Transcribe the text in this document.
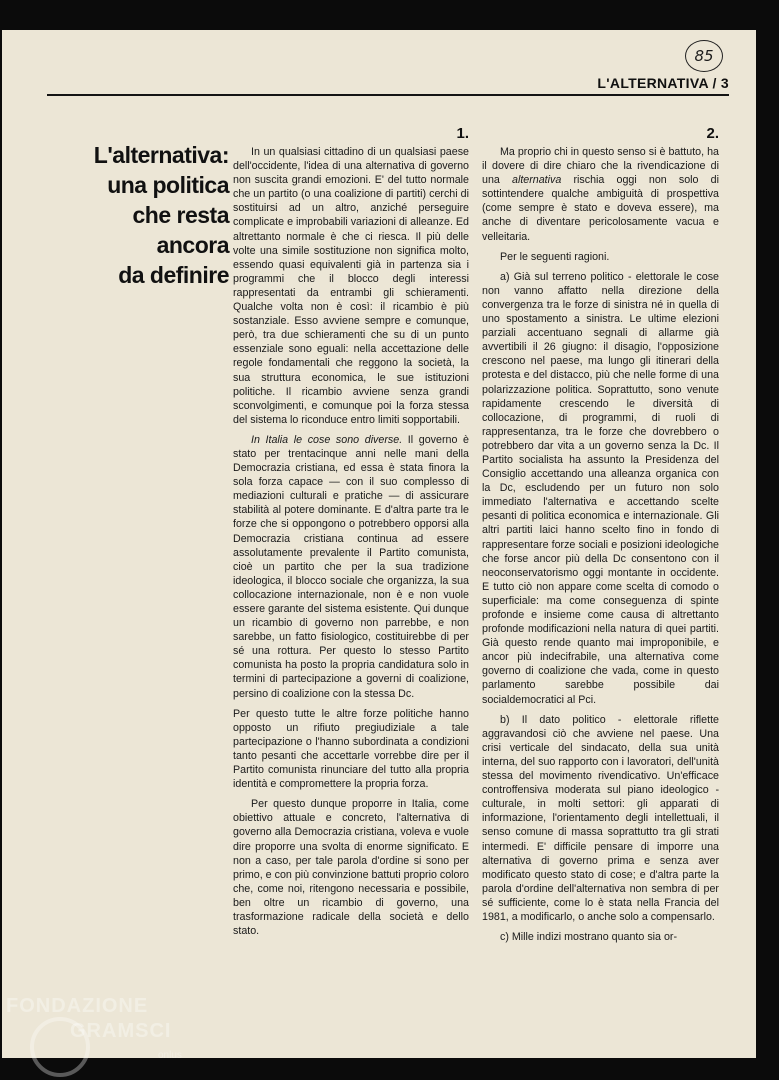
85
L'ALTERNATIVA / 3
L'alternativa:
una politica
che resta
ancora
da definire
1.

In un qualsiasi cittadino di un qualsiasi paese dell'occidente, l'idea di una alternativa di governo non suscita grandi emozioni. E' del tutto normale che un partito (o una coalizione di partiti) cerchi di sostituirsi ad un altro, anziché perseguire complicate e improbabili variazioni di alleanze. Ed altrettanto normale è che ci riesca. Il più delle volte una simile sostituzione non significa molto, essendo quasi equivalenti già in partenza sia i programmi che il blocco degli interessi rappresentati da entrambi gli schieramenti. Qualche volta non è così: il ricambio è più sostanziale. Esso avviene sempre e comunque, però, tra due schieramenti che su di un punto essenziale sono eguali: nella accettazione delle regole fondamentali che reggono la società, la sua struttura economica, le sue istituzioni politiche. Il ricambio avviene senza grandi sconvolgimenti, e comunque poi la forza stessa del sistema lo riconduce entro limiti sopportabili.

In Italia le cose sono diverse. Il governo è stato per trentacinque anni nelle mani della Democrazia cristiana, ed essa è stata finora la sola forza capace — con il suo complesso di mediazioni culturali e pratiche — di assicurare stabilità al potere dominante. E d'altra parte tra le forze che si oppongono o potrebbero opporsi alla Democrazia cristiana continua ad essere assolutamente prevalente il Partito comunista, cioè un partito che per la sua tradizione ideologica, il blocco sociale che organizza, la sua collocazione internazionale, non è e non vuole essere garante del sistema esistente. Qui dunque un ricambio di governo non parrebbe, e non sarebbe, un fatto fisiologico, costituirebbe di per sé una rottura. Per questo lo stesso Partito comunista ha posto la propria candidatura solo in termini di partecipazione a governi di coalizione, persino di coalizione con la stessa Dc.

Per questo tutte le altre forze politiche hanno opposto un rifiuto pregiudiziale a tale partecipazione o l'hanno subordinata a condizioni tanto pesanti che accettarle vorrebbe dire per il Partito comunista rinunciare del tutto alla propria identità e compromettere la propria forza.

Per questo dunque proporre in Italia, come obiettivo attuale e concreto, l'alternativa di governo alla Democrazia cristiana, voleva e vuole dire proporre una svolta di enorme significato. E non a caso, per tale parola d'ordine si sono per primo, e con più convinzione battuti proprio coloro che, come noi, ritengono necessaria e possibile, ben oltre un ricambio di governo, una trasformazione radicale della società e dello stato.

2.

Ma proprio chi in questo senso si è battuto, ha il dovere di dire chiaro che la rivendicazione di una alternativa rischia oggi non solo di sottintendere qualche ambiguità di prospettiva (come sempre è stato e doveva essere), ma anche di diventare pericolosamente vacua e velleitaria.

Per le seguenti ragioni.

a) Già sul terreno politico - elettorale le cose non vanno affatto nella direzione della convergenza tra le forze di sinistra né in quella di uno spostamento a sinistra. Le ultime elezioni parziali accentuano segnali di allarme già avvertibili il 26 giugno: il disagio, l'opposizione crescono nel paese, ma lungo gli itinerari della protesta e del distacco, più che nelle forme di una polarizzazione politica. Soprattutto, sono venute rapidamente crescendo le diversità di collocazione, di programmi, di ruoli di rappresentanza, tra le forze che dovrebbero o potrebbero dar vita a un governo senza la Dc. Il Partito socialista ha assunto la Presidenza del Consiglio accettando una alleanza organica con la Dc, escludendo per un futuro non solo immediato l'alternativa e accettando scelte pesanti di politica economica e internazionale. Gli altri partiti laici hanno scelto fino in fondo di rappresentare forze sociali e posizioni ideologiche che forse ancor più della Dc consentono con il neoconservatorismo oggi montante in occidente. E tutto ciò non appare come scelta di comodo o superficiale: ma come conseguenza di spinte profonde e insieme come causa di altrettanto profonde modificazioni nella natura di quei partiti. Già questo rende quanto mai improponibile, e ancor più indecifrabile, una alternativa come governo di coalizione che vada, come in questo parlamento sarebbe possibile dai socialdemocratici al Pci.

b) Il dato politico - elettorale riflette aggravandosi ciò che avviene nel paese. Una crisi verticale del sindacato, della sua unità interna, del suo rapporto con i lavoratori, dell'unità stessa del movimento rivendicativo. Un'efficace controffensiva moderata sul piano ideologico - culturale, in molti settori: gli apparati di informazione, l'orientamento degli intellettuali, il senso comune di massa soprattutto tra gli strati intermedi. E' difficile pensare di imporre una alternativa di governo prima e senza aver modificato questo stato di cose; e d'altra parte la parola d'ordine dell'alternativa non sembra di per sé sufficiente, come lo è stata nella Francia del 1981, a modificarlo, o anche solo a compensarlo.

c) Mille indizi mostrano quanto sia or-

FONDAZIONE
GRAMSCI
onlus
